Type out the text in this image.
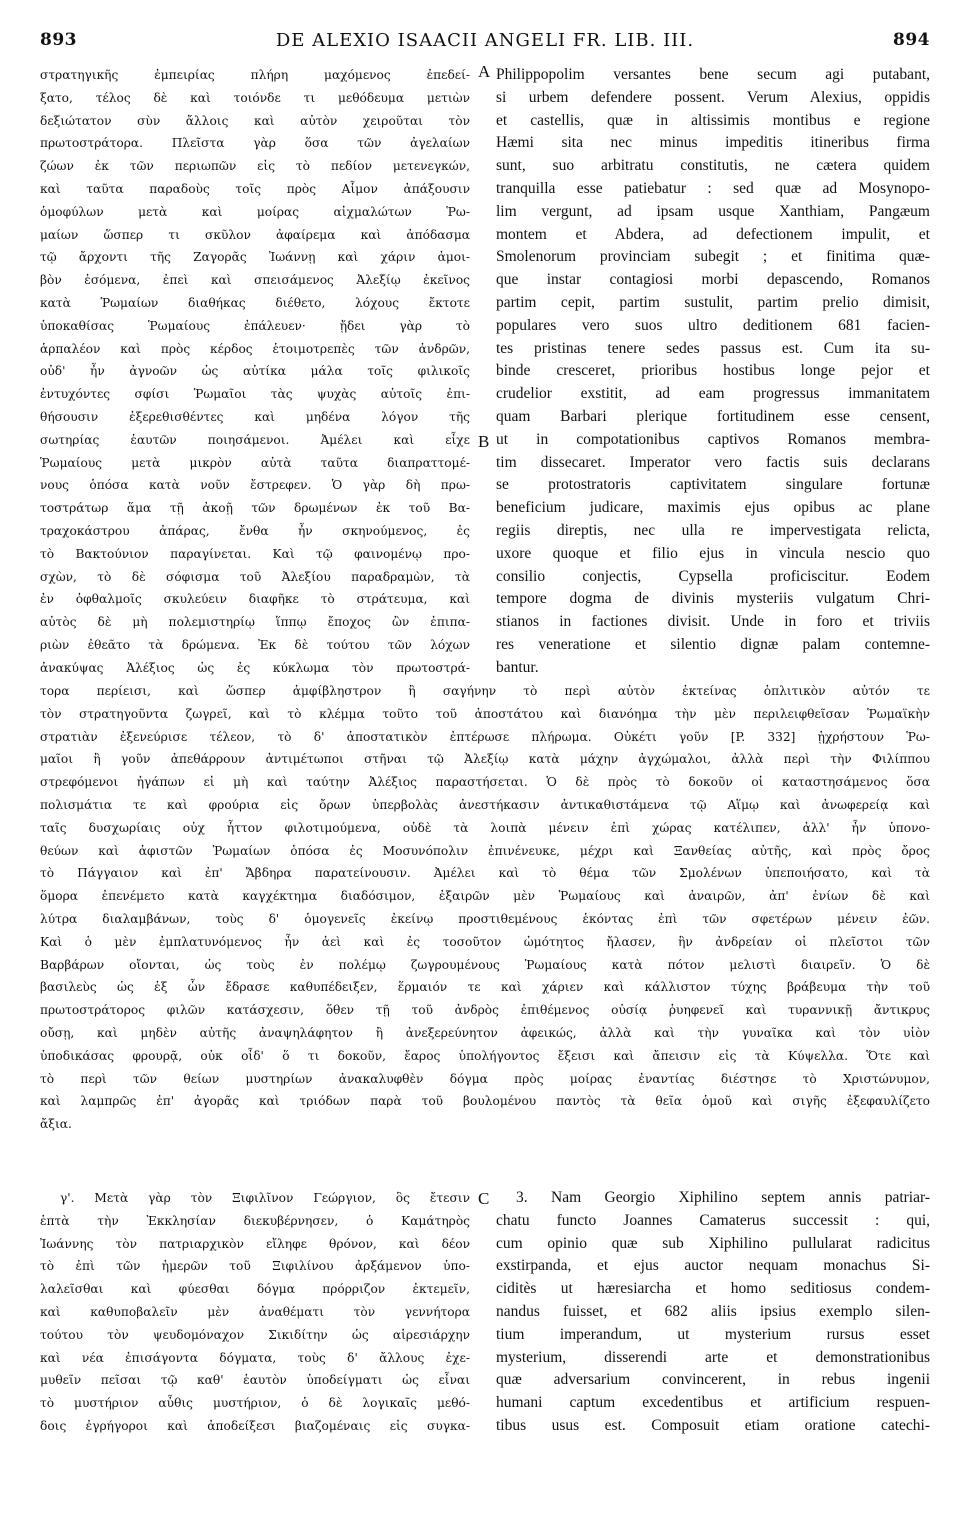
893	DE ALEXIO ISAACII ANGELI FR. LIB. III.	894
A
B
C
στρατηγικῆς ἐμπειρίας πλήρη μαχόμενος ἐπεδεί-
ξατο, τέλος δὲ καὶ τοιόνδε τι μεθόδευμα μετιὼν
δεξιώτατον σὺν ἄλλοις καὶ αὐτὸν χειροῦται τὸν
πρωτοστράτορα. Πλεῖστα γὰρ ὅσα τῶν ἀγελαίων
ζώων ἐκ τῶν περιωπῶν εἰς τὸ πεδίον μετενεγκών,
καὶ ταῦτα παραδοὺς τοῖς πρὸς Αἷμον ἀπάξουσιν
ὁμοφύλων μετὰ καὶ μοίρας αἰχμαλώτων Ῥω-
μαίων ὥσπερ τι σκῦλον ἀφαίρεμα καὶ ἀπόδασμα
τῷ ἄρχοντι τῆς Ζαγορᾶς Ἰωάννῃ καὶ χάριν ἀμοι-
βὸν ἐσόμενα, ἐπεὶ καὶ σπεισάμενος Ἀλεξίῳ ἐκεῖνος
κατὰ Ῥωμαίων διαθήκας διέθετο, λόχους ἔκτοτε
ὑποκαθίσας Ῥωμαίους ἐπάλευεν· ᾔδει γὰρ τὸ
ἁρπαλέον καὶ πρὸς κέρδος ἑτοιμοτρεπὲς τῶν ἀνδρῶν,
οὐδ' ἦν ἀγνοῶν ὡς αὐτίκα μάλα τοῖς φιλικοῖς
ἐντυχόντες σφίσι Ῥωμαῖοι τὰς ψυχὰς αὐτοῖς ἐπι-
θήσουσιν ἐξερεθισθέντες καὶ μηδένα λόγον τῆς
σωτηρίας ἑαυτῶν ποιησάμενοι. Ἀμέλει καὶ εἶχε
Ῥωμαίους μετὰ μικρὸν αὐτὰ ταῦτα διαπραττομέ-
νους ὁπόσα κατὰ νοῦν ἔστρεφεν. Ὁ γὰρ δὴ πρω-
τοστράτωρ ἅμα τῇ ἀκοῇ τῶν δρωμένων ἐκ τοῦ Βα-
τραχοκάστρου ἀπάρας, ἔνθα ἦν σκηνούμενος, ἐς
τὸ Βακτούνιον παραγίνεται. Καὶ τῷ φαινομένῳ προ-
σχὼν, τὸ δὲ σόφισμα τοῦ Ἀλεξίου παραδραμὼν, τὰ
ἐν ὀφθαλμοῖς σκυλεύειν διαφῆκε τὸ στράτευμα, καὶ
αὐτὸς δὲ μὴ πολεμιστηρίῳ ἵππῳ ἔποχος ὢν ἐπιπα-
ριὼν ἐθεᾶτο τὰ δρώμενα. Ἐκ δὲ τούτου τῶν λόχων
ἀνακύψας Ἀλέξιος ὡς ἐς κύκλωμα τὸν πρωτοστρά-
Philippopolim versantes bene secum agi putabant,
si urbem defendere possent. Verum Alexius, oppidis
et castellis, quæ in altissimis montibus e regione
Hæmi sita nec minus impeditis itineribus firma
sunt, suo arbitratu constitutis, ne cætera quidem
tranquilla esse patiebatur : sed quæ ad Mosynopo-
lim vergunt, ad ipsam usque Xanthiam, Pangæum
montem et Abdera, ad defectionem impulit, et
Smolenorum provinciam subegit ; et finitima quæ-
que instar contagiosi morbi depascendo, Romanos
partim cepit, partim sustulit, partim prelio dimisit,
populares vero suos ultro deditionem 681 facien-
tes pristinas tenere sedes passus est. Cum ita su-
binde cresceret, prioribus hostibus longe pejor et
crudelior exstitit, ad eam progressus immanitatem
quam Barbari plerique fortitudinem esse censent,
ut in compotationibus captivos Romanos membra-
tim dissecaret. Imperator vero factis suis declarans
se protostratoris captivitatem singulare fortunæ
beneficium judicare, maximis ejus opibus ac plane
regiis direptis, nec ulla re impervestigata relicta,
uxore quoque et filio ejus in vincula nescio quo
consilio conjectis, Cypsella proficiscitur. Eodem
tempore dogma de divinis mysteriis vulgatum Chri-
stianos in factiones divisit. Unde in foro et triviis
res veneratione et silentio dignæ palam contemne-
bantur.
τορα περίεισι, καὶ ὥσπερ ἀμφίβληστρον ἢ σαγήνην τὸ περὶ αὐτὸν ἐκτείνας ὁπλιτικὸν αὐτόν τε
τὸν στρατηγοῦντα ζωγρεῖ, καὶ τὸ κλέμμα τοῦτο τοῦ ἀποστάτου καὶ διανόημα τὴν μὲν περιλειφθεῖσαν Ῥωμαϊκὴν
στρατιὰν ἐξενεύρισε τέλεον, τὸ δ' ἀποστατικὸν ἐπτέρωσε πλήρωμα. Οὐκέτι γοῦν [P. 332] ᾑχρήστουν Ῥω-
μαῖοι ἢ γοῦν ἀπεθάρρουν ἀντιμέτωποι στῆναι τῷ Ἀλεξίῳ κατὰ μάχην ἀγχώμαλοι, ἀλλὰ περὶ τὴν Φιλίππου
στρεφόμενοι ἠγάπων εἰ μὴ καὶ ταύτην Ἀλέξιος παραστήσεται. Ὁ δὲ πρὸς τὸ δοκοῦν οἱ καταστησάμενος ὅσα
πολισμάτια τε καὶ φρούρια εἰς ὄρων ὑπερβολὰς ἀνεστήκασιν ἀντικαθιστάμενα τῷ Αἵμῳ καὶ ἀνωφερείᾳ καὶ
ταῖς δυσχωρίαις οὐχ ἧττον φιλοτιμούμενα, οὐδὲ τὰ λοιπὰ μένειν ἐπὶ χώρας κατέλιπεν, ἀλλ' ἦν ὑπονο-
θεύων καὶ ἀφιστῶν Ῥωμαίων ὁπόσα ἐς Μοσυνόπολιν ἐπινένευκε, μέχρι καὶ Ξανθείας αὐτῆς, καὶ πρὸς ὄρος
τὸ Πάγγαιον καὶ ἐπ' Ἄβδηρα παρατείνουσιν. Ἀμέλει καὶ τὸ θέμα τῶν Σμολένων ὑπεποιήσατο, καὶ τὰ
ὅμορα ἐπενέμετο κατὰ καγχέκτημα διαδόσιμον, ἐξαιρῶν μὲν Ῥωμαίους καὶ ἀναιρῶν, ἀπ' ἐνίων δὲ καὶ
λύτρα διαλαμβάνων, τοὺς δ' ὁμογενεῖς ἐκείνῳ προστιθεμένους ἑκόντας ἐπὶ τῶν σφετέρων μένειν ἐῶν.
Καὶ ὁ μὲν ἐμπλατυνόμενος ἦν ἀεὶ καὶ ἐς τοσοῦτον ὠμότητος ἤλασεν, ἣν ἀνδρείαν οἱ πλεῖστοι τῶν
Βαρβάρων οἴονται, ὡς τοὺς ἐν πολέμῳ ζωγρουμένους Ῥωμαίους κατὰ πότον μελιστὶ διαιρεῖν. Ὁ δὲ
βασιλεὺς ὡς ἐξ ὧν ἔδρασε καθυπέδειξεν, ἕρμαιόν τε καὶ χάριεν καὶ κάλλιστον τύχης βράβευμα τὴν τοῦ
πρωτοστράτορος φιλῶν κατάσχεσιν, ὅθεν τῇ τοῦ ἀνδρὸς ἐπιθέμενος οὐσίᾳ ῥυηφενεῖ καὶ τυραννικῇ ἄντικρυς
οὔσῃ, καὶ μηδὲν αὐτῆς ἀναψηλάφητον ἢ ἀνεξερεύνητον ἀφεικώς, ἀλλὰ καὶ τὴν γυναῖκα καὶ τὸν υἱὸν
ὑποδικάσας φρουρᾷ, οὐκ οἶδ' ὅ τι δοκοῦν, ἔαρος ὑπολήγοντος ἔξεισι καὶ ἄπεισιν εἰς τὰ Κύψελλα. Ὅτε καὶ
τὸ περὶ τῶν θείων μυστηρίων ἀνακαλυφθὲν δόγμα πρὸς μοίρας ἐναντίας διέστησε τὸ Χριστώνυμον,
καὶ λαμπρῶς ἐπ' ἀγορᾶς καὶ τριόδων παρὰ τοῦ βουλομένου παντὸς τὰ θεῖα ὁμοῦ καὶ σιγῆς ἐξεφαυλίζετο
ἄξια.
γ'. Μετὰ γὰρ τὸν Ξιφιλῖνον Γεώργιον, ὃς ἔτεσιν
ἑπτὰ τὴν Ἐκκλησίαν διεκυβέρνησεν, ὁ Καμάτηρὸς
Ἰωάννης τὸν πατριαρχικὸν εἴληφε θρόνον, καὶ δέον
τὸ ἐπὶ τῶν ἡμερῶν τοῦ Ξιφιλίνου ἀρξάμενον ὑπο-
λαλεῖσθαι καὶ φύεσθαι δόγμα πρόρριζον ἐκτεμεῖν,
καὶ καθυποβαλεῖν μὲν ἀναθέματι τὸν γεννήτορα
τούτου τὸν ψευδομόναχον Σικιδίτην ὡς αἱρεσιάρχην
καὶ νέα ἐπισάγοντα δόγματα, τοὺς δ' ἄλλους ἐχε-
μυθεῖν πεῖσαι τῷ καθ' ἑαυτὸν ὑποδείγματι ὡς εἶναι
τὸ μυστήριον αὖθις μυστήριον, ὁ δὲ λογικαῖς μεθό-
δοις ἐγρήγοροι καὶ ἀποδείξεσι βιαζομέναις εἰς συγκα-
3. Nam Georgio Xiphilino septem annis patriar-
chatu functo Joannes Camaterus successit : qui,
cum opinio quæ sub Xiphilino pullularat radicitus
exstirpanda, et ejus auctor nequam monachus Si-
ciditès ut hæresiarcha et homo seditiosus condem-
nandus fuisset, et 682 aliis ipsius exemplo silen-
tium imperandum, ut mysterium rursus esset
mysterium, disserendi arte et demonstrationibus
quæ adversarium convincerent, in rebus ingenii
humani captum excedentibus et artificium respuen-
tibus usus est. Composuit etiam oratione catechi-
